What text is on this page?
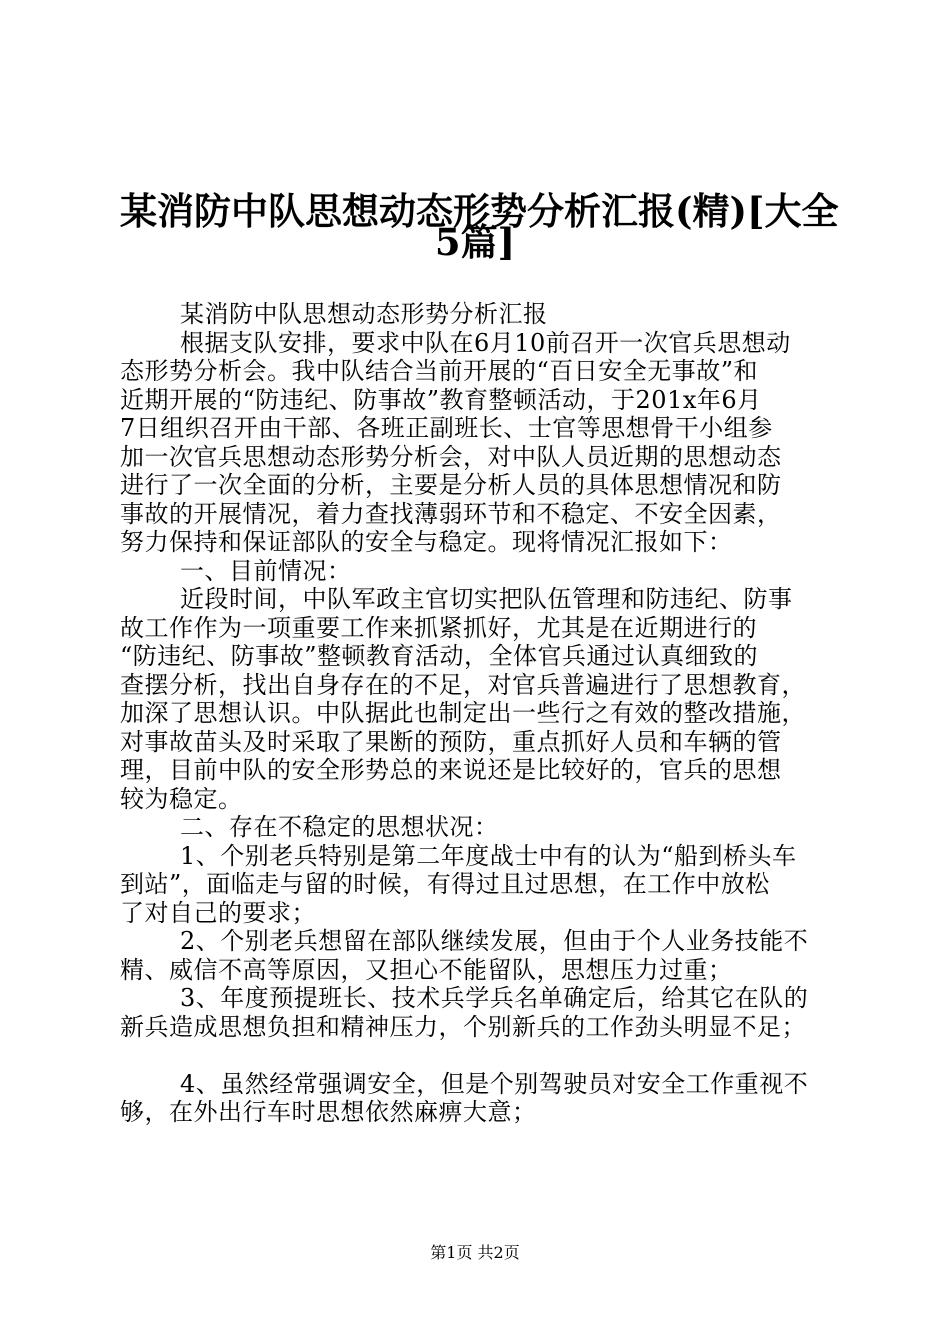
某消防中队思想动态形势分析汇报(精)[大全
5篇]
某消防中队思想动态形势分析汇报
根据支队安排，要求中队在6月10前召开一次官兵思想动
态形势分析会。我中队结合当前开展的“百日安全无事故”和
近期开展的“防违纪、防事故”教育整顿活动，于201x年6月
7日组织召开由干部、各班正副班长、士官等思想骨干小组参
加一次官兵思想动态形势分析会，对中队人员近期的思想动态
进行了一次全面的分析，主要是分析人员的具体思想情况和防
事故的开展情况，着力查找薄弱环节和不稳定、不安全因素，
努力保持和保证部队的安全与稳定。现将情况汇报如下：
一、目前情况：
近段时间，中队军政主官切实把队伍管理和防违纪、防事
故工作作为一项重要工作来抓紧抓好，尤其是在近期进行的
“防违纪、防事故”整顿教育活动，全体官兵通过认真细致的
查摆分析，找出自身存在的不足，对官兵普遍进行了思想教育，
加深了思想认识。中队据此也制定出一些行之有效的整改措施，
对事故苗头及时采取了果断的预防，重点抓好人员和车辆的管
理，目前中队的安全形势总的来说还是比较好的，官兵的思想
较为稳定。
二、存在不稳定的思想状况：
1、个别老兵特别是第二年度战士中有的认为“船到桥头车
到站”，面临走与留的时候，有得过且过思想，在工作中放松
了对自己的要求；
2、个别老兵想留在部队继续发展，但由于个人业务技能不
精、威信不高等原因，又担心不能留队，思想压力过重；
3、年度预提班长、技术兵学兵名单确定后，给其它在队的
新兵造成思想负担和精神压力，个别新兵的工作劲头明显不足；
4、虽然经常强调安全，但是个别驾驶员对安全工作重视不
够，在外出行车时思想依然麻痹大意；
第1页 共2页
